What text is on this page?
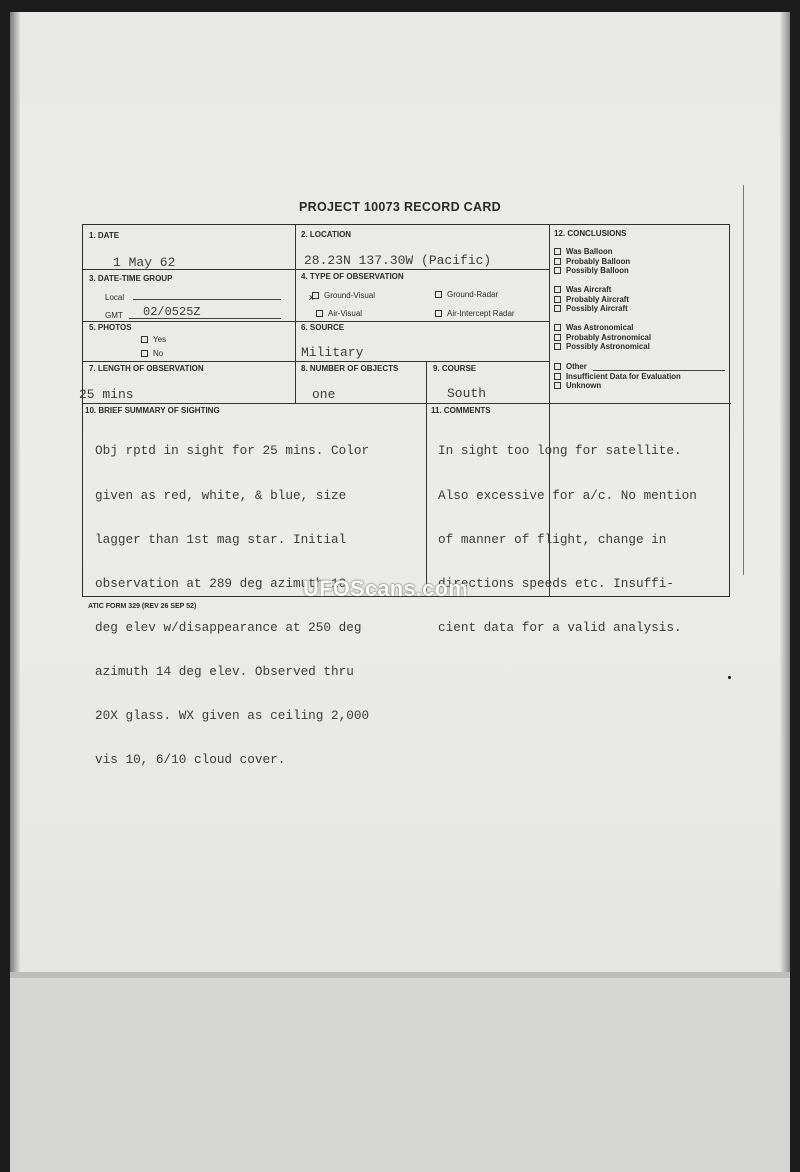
PROJECT 10073 RECORD CARD
1. DATE
1 May 62
2. LOCATION
28.23N 137.30W (Pacific)
3. DATE-TIME GROUP
Local
GMT 02/0525Z
4. TYPE OF OBSERVATION
x Ground-Visual	Ground-Radar
Air-Visual	Air-Intercept Radar
5. PHOTOS
Yes
No
6. SOURCE
Military
7. LENGTH OF OBSERVATION
25 mins
8. NUMBER OF OBJECTS
one
9. COURSE
South
12. CONCLUSIONS
Was Balloon
Probably Balloon
Possibly Balloon
Was Aircraft
Probably Aircraft
Possibly Aircraft
Was Astronomical
Probably Astronomical
Possibly Astronomical
Other
Insufficient Data for Evaluation
Unknown
10. BRIEF SUMMARY OF SIGHTING

Obj rptd in sight for 25 mins. Color

given as red, white, & blue, size

lagger than 1st mag star. Initial

observation at 289 deg azimuth 10

deg elev w/disappearance at 250 deg

azimuth 14 deg elev. Observed thru

20X glass. WX given as ceiling 2,000

vis 10, 6/10 cloud cover.

11. COMMENTS

In sight too long for satellite.

Also excessive for a/c. No mention

of manner of flight, change in

directions speeds etc. Insuffi-

cient data for a valid analysis.

ATIC FORM 329 (REV 26 SEP 52)
UFOScans.com
